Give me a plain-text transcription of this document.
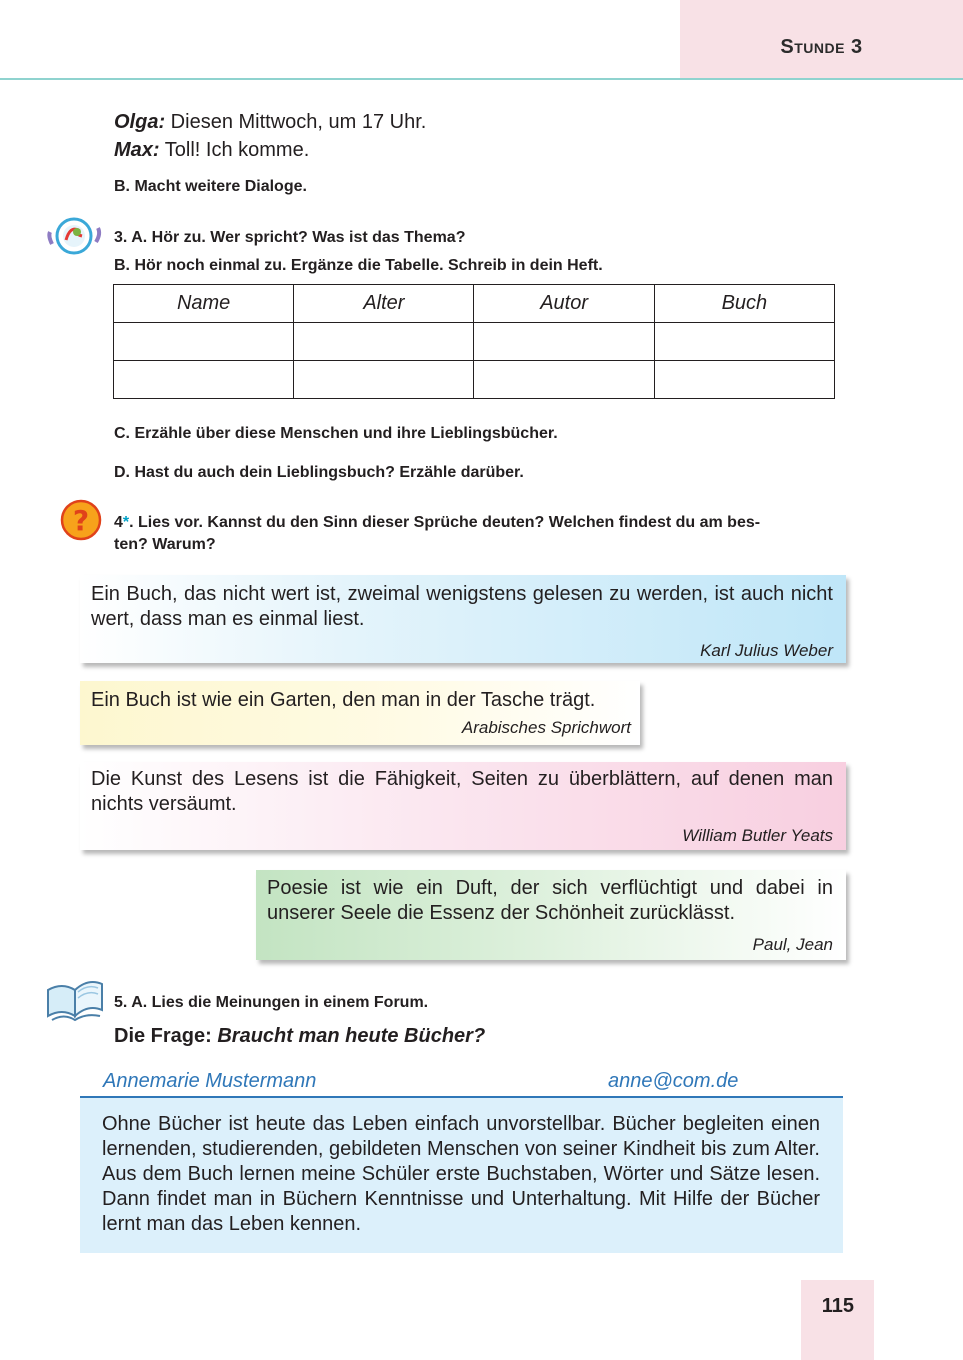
Stunde 3
Olga: Diesen Mittwoch, um 17 Uhr.
Max: Toll! Ich komme.
B. Macht weitere Dialoge.
3. A. Hör zu. Wer spricht? Was ist das Thema?
B. Hör noch einmal zu. Ergänze die Tabelle. Schreib in dein Heft.
Name	Alter	Autor	Buch

C. Erzähle über diese Menschen und ihre Lieblingsbücher.
D. Hast du auch dein Lieblingsbuch? Erzähle darüber.
? 4*. Lies vor. Kannst du den Sinn dieser Sprüche deuten? Welchen findest du am bes-
ten? Warum?
Ein Buch, das nicht wert ist, zweimal wenigstens gelesen zu werden, ist auch nicht wert, dass man es einmal liest.
Karl Julius Weber
Ein Buch ist wie ein Garten, den man in der Tasche trägt.
Arabisches Sprichwort
Die Kunst des Lesens ist die Fähigkeit, Seiten zu überblättern, auf denen man nichts versäumt.
William Butler Yeats
Poesie ist wie ein Duft, der sich verflüchtigt und dabei in unserer Seele die Essenz der Schönheit zurücklässt.
Paul, Jean
5. A. Lies die Meinungen in einem Forum.
Die Frage: Braucht man heute Bücher?
Annemarie Mustermann	anne@com.de
Ohne Bücher ist heute das Leben einfach unvorstellbar. Bücher begleiten einen lernenden, studierenden, gebildeten Menschen von seiner Kindheit bis zum Alter. Aus dem Buch lernen meine Schüler erste Buchstaben, Wörter und Sätze lesen. Dann findet man in Büchern Kenntnisse und Unterhaltung. Mit Hilfe der Bücher lernt man das Leben kennen.
115
